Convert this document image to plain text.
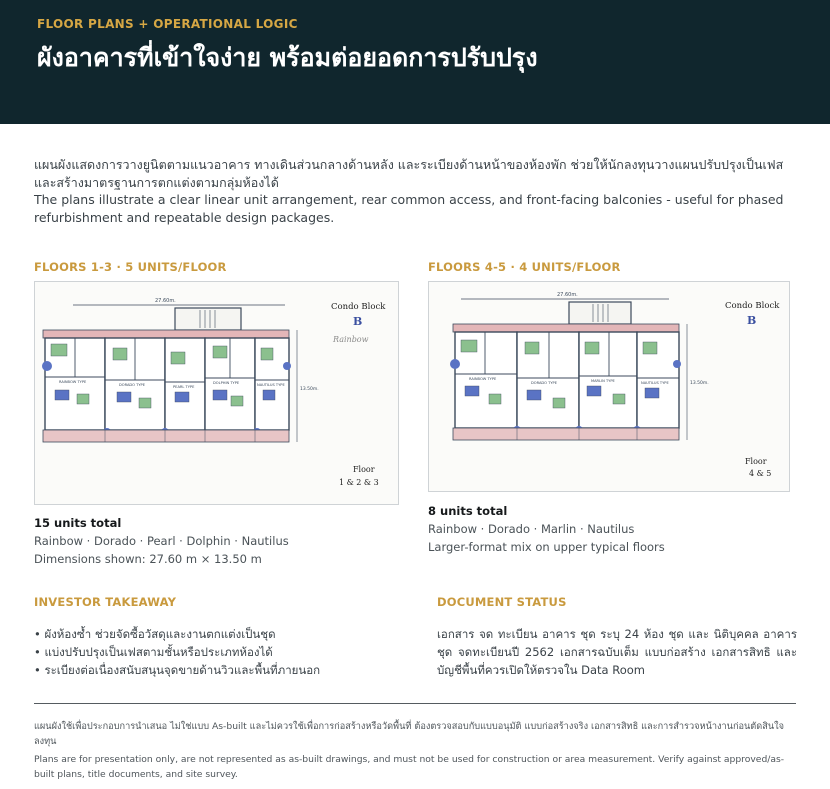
FLOOR PLANS + OPERATIONAL LOGIC
ผังอาคารที่เข้าใจง่าย พร้อมต่อยอดการปรับปรุง

แผนผังแสดงการวางยูนิตตามแนวอาคาร ทางเดินส่วนกลางด้านหลัง และระเบียงด้านหน้าของห้องพัก ช่วยให้นักลงทุนวางแผนปรับปรุงเป็นเฟสและสร้างมาตรฐานการตกแต่งตามกลุ่มห้องได้

The plans illustrate a clear linear unit arrangement, rear common access, and front-facing balconies - useful for phased refurbishment and repeatable design packages.

FLOORS 1-3 · 5 UNITS/FLOOR
27.60m.
13.50m.
RAINBOW TYPE
DORADO TYPE	PEARL TYPE
DOLPHIN TYPE	NAUTILUS TYPE
Condo Block
B
Rainbow
Floor
1 & 2 & 3
15 units total
Rainbow · Dorado · Pearl · Dolphin · Nautilus
Dimensions shown: 27.60 m × 13.50 m
FLOORS 4-5 · 4 UNITS/FLOOR
27.60m.
13.50m.
RAINBOW TYPE
DORADO TYPE	MARLIN TYPE	NAUTILUS TYPE
Condo Block
B
Floor
4 & 5
8 units total
Rainbow · Dorado · Marlin · Nautilus
Larger-format mix on upper typical floors
INVESTOR TAKEAWAY
• ผังห้องซ้ำ ช่วยจัดซื้อวัสดุและงานตกแต่งเป็นชุด
• แบ่งปรับปรุงเป็นเฟสตามชั้นหรือประเภทห้องได้
• ระเบียงต่อเนื่องสนับสนุนจุดขายด้านวิวและพื้นที่ภายนอก
DOCUMENT STATUS
เอกสาร จด ทะเบียน อาคาร ชุด ระบุ 24 ห้อง ชุด และ นิติบุคคล อาคาร ชุด จดทะเบียนปี 2562 เอกสารฉบับเต็ม แบบก่อสร้าง เอกสารสิทธิ และบัญชีพื้นที่ควรเปิดให้ตรวจใน Data Room

แผนผังใช้เพื่อประกอบการนำเสนอ ไม่ใช่แบบ As-built และไม่ควรใช้เพื่อการก่อสร้างหรือวัดพื้นที่ ต้องตรวจสอบกับแบบอนุมัติ แบบก่อสร้างจริง เอกสารสิทธิ และการสำรวจหน้างานก่อนตัดสินใจลงทุน

Plans are for presentation only, are not represented as as-built drawings, and must not be used for construction or area measurement. Verify against approved/as-built plans, title documents, and site survey.
